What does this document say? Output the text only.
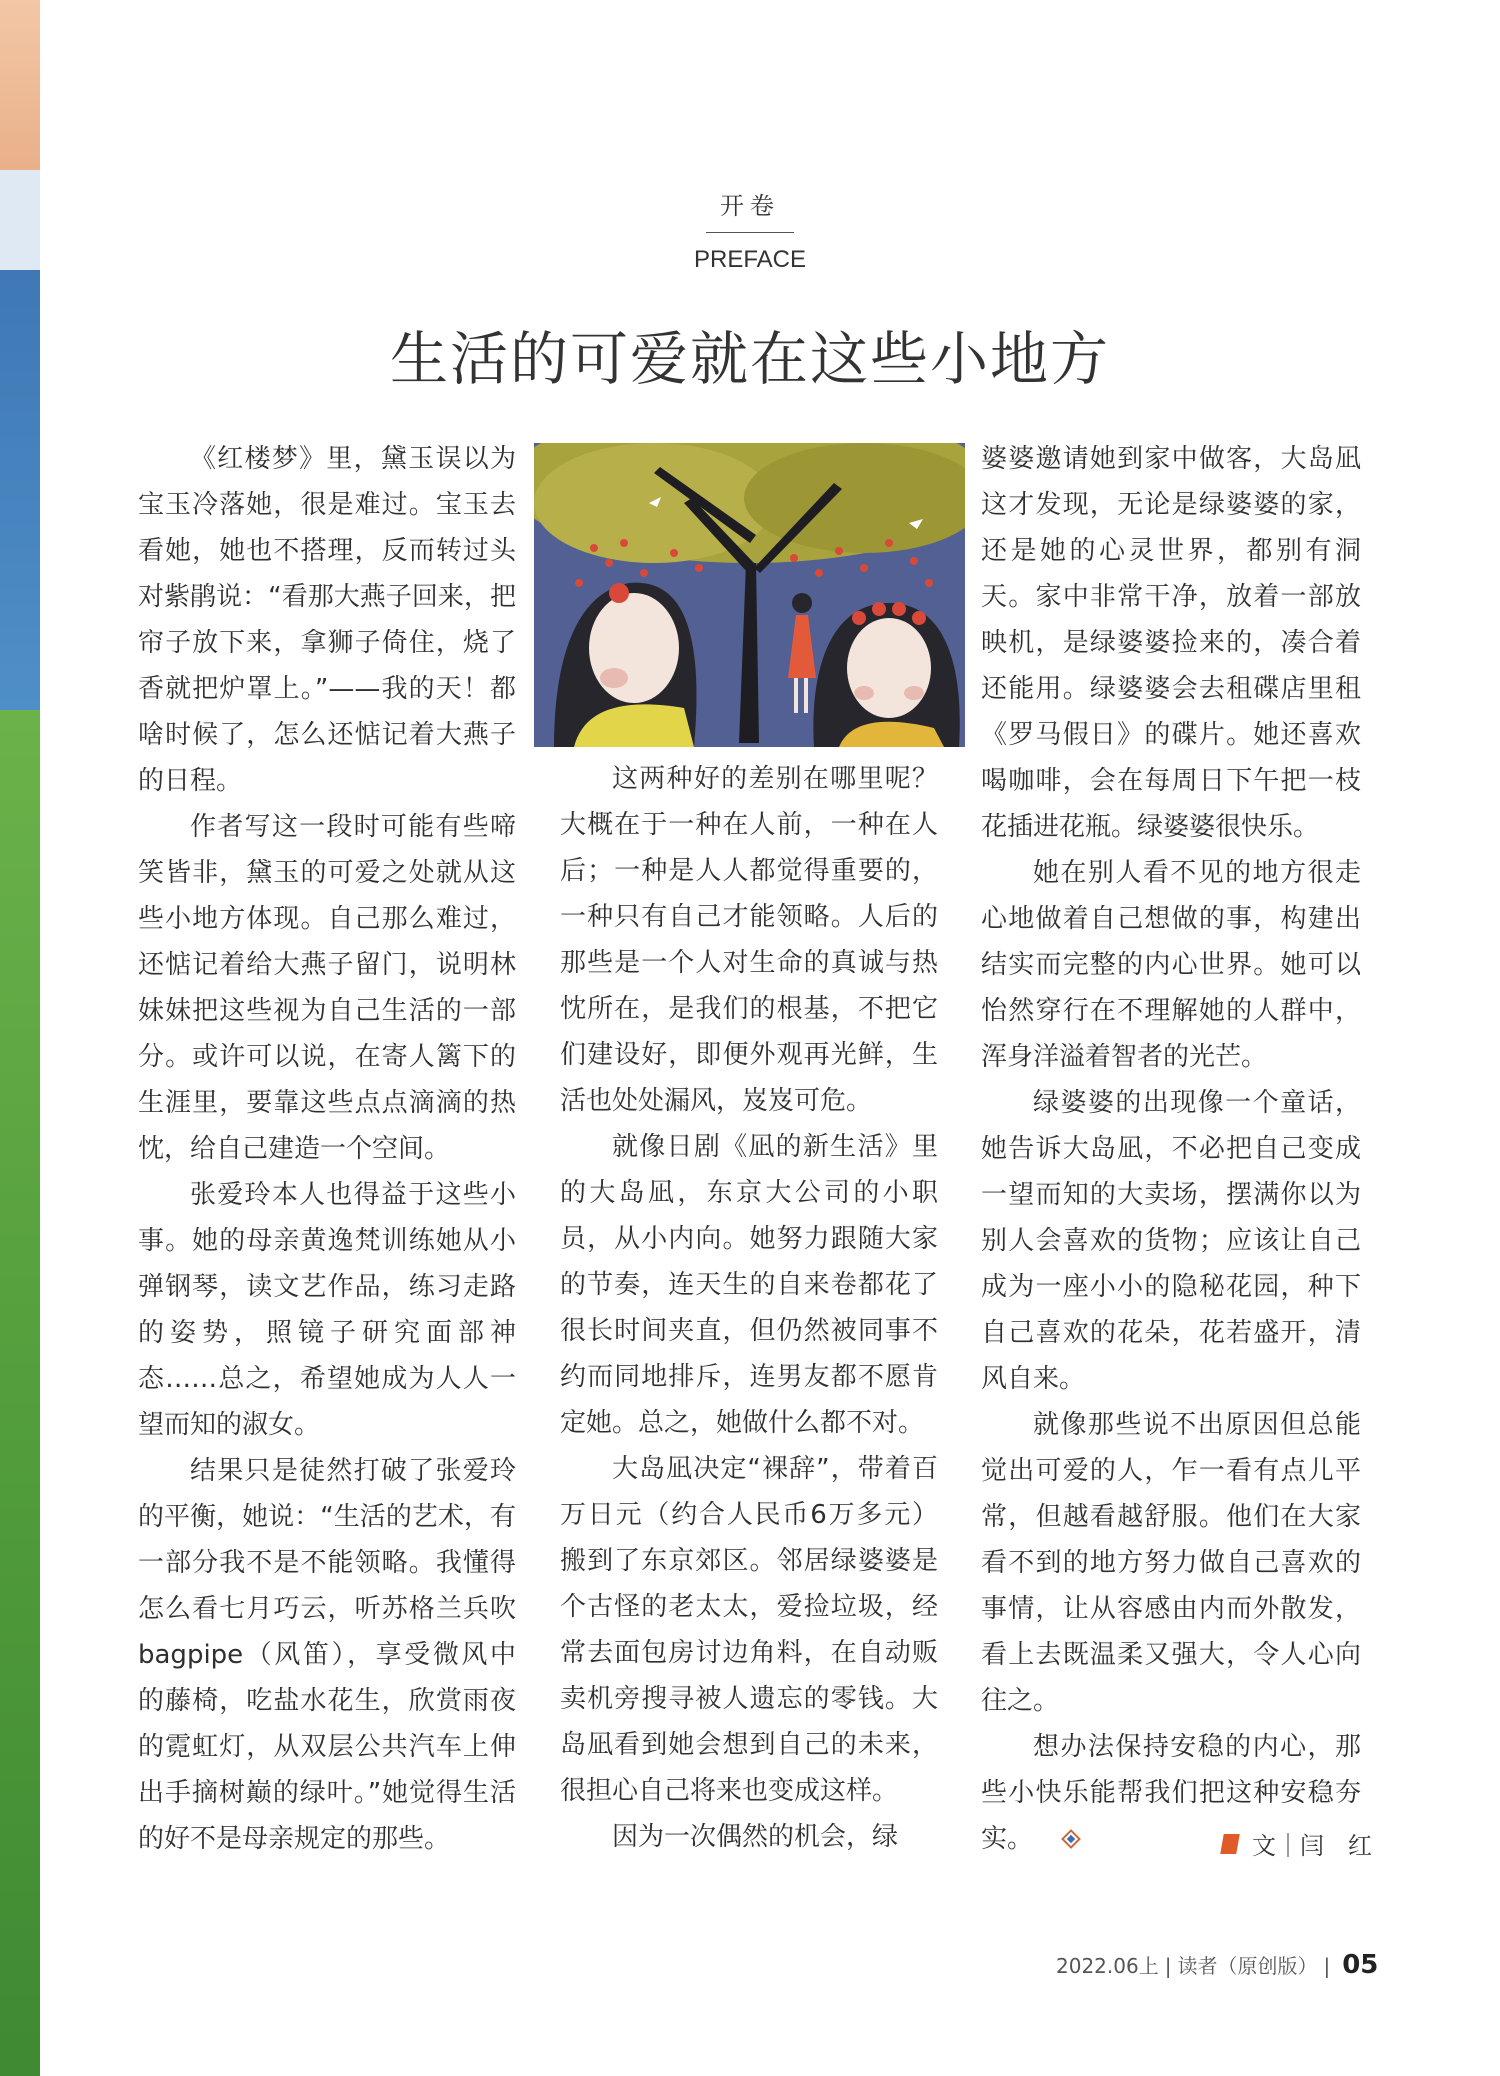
开卷
PREFACE
生活的可爱就在这些小地方

《红楼梦》里，黛玉误以为宝玉冷落她，很是难过。宝玉去看她，她也不搭理，反而转过头对紫鹃说：“看那大燕子回来，把帘子放下来，拿狮子倚住，烧了香就把炉罩上。”——我的天！都啥时候了，怎么还惦记着大燕子的日程。

作者写这一段时可能有些啼笑皆非，黛玉的可爱之处就从这些小地方体现。自己那么难过，还惦记着给大燕子留门，说明林妹妹把这些视为自己生活的一部分。或许可以说，在寄人篱下的生涯里，要靠这些点点滴滴的热忱，给自己建造一个空间。

张爱玲本人也得益于这些小事。她的母亲黄逸梵训练她从小弹钢琴，读文艺作品，练习走路的姿势，照镜子研究面部神态……总之，希望她成为人人一望而知的淑女。

结果只是徒然打破了张爱玲的平衡，她说：“生活的艺术，有一部分我不是不能领略。我懂得怎么看七月巧云，听苏格兰兵吹bagpipe（风笛），享受微风中的藤椅，吃盐水花生，欣赏雨夜的霓虹灯，从双层公共汽车上伸出手摘树巅的绿叶。”她觉得生活的好不是母亲规定的那些。

这两种好的差别在哪里呢？大概在于一种在人前，一种在人后；一种是人人都觉得重要的，一种只有自己才能领略。人后的那些是一个人对生命的真诚与热忱所在，是我们的根基，不把它们建设好，即便外观再光鲜，生活也处处漏风，岌岌可危。

就像日剧《凪的新生活》里的大岛凪，东京大公司的小职员，从小内向。她努力跟随大家的节奏，连天生的自来卷都花了很长时间夹直，但仍然被同事不约而同地排斥，连男友都不愿肯定她。总之，她做什么都不对。

大岛凪决定“裸辞”，带着百万日元（约合人民币6万多元）搬到了东京郊区。邻居绿婆婆是个古怪的老太太，爱捡垃圾，经常去面包房讨边角料，在自动贩卖机旁搜寻被人遗忘的零钱。大岛凪看到她会想到自己的未来，很担心自己将来也变成这样。

因为一次偶然的机会，绿

婆婆邀请她到家中做客，大岛凪这才发现，无论是绿婆婆的家，还是她的心灵世界，都别有洞天。家中非常干净，放着一部放映机，是绿婆婆捡来的，凑合着还能用。绿婆婆会去租碟店里租《罗马假日》的碟片。她还喜欢喝咖啡，会在每周日下午把一枝花插进花瓶。绿婆婆很快乐。

她在别人看不见的地方很走心地做着自己想做的事，构建出结实而完整的内心世界。她可以怡然穿行在不理解她的人群中，浑身洋溢着智者的光芒。

绿婆婆的出现像一个童话，她告诉大岛凪，不必把自己变成一望而知的大卖场，摆满你以为别人会喜欢的货物；应该让自己成为一座小小的隐秘花园，种下自己喜欢的花朵，花若盛开，清风自来。

就像那些说不出原因但总能觉出可爱的人，乍一看有点儿平常，但越看越舒服。他们在大家看不到的地方努力做自己喜欢的事情，让从容感由内而外散发，看上去既温柔又强大，令人心向往之。

想办法保持安稳的内心，那些小快乐能帮我们把这种安稳夯实。	文｜闫　红
2022.06上 | 读者（原创版） | 05
